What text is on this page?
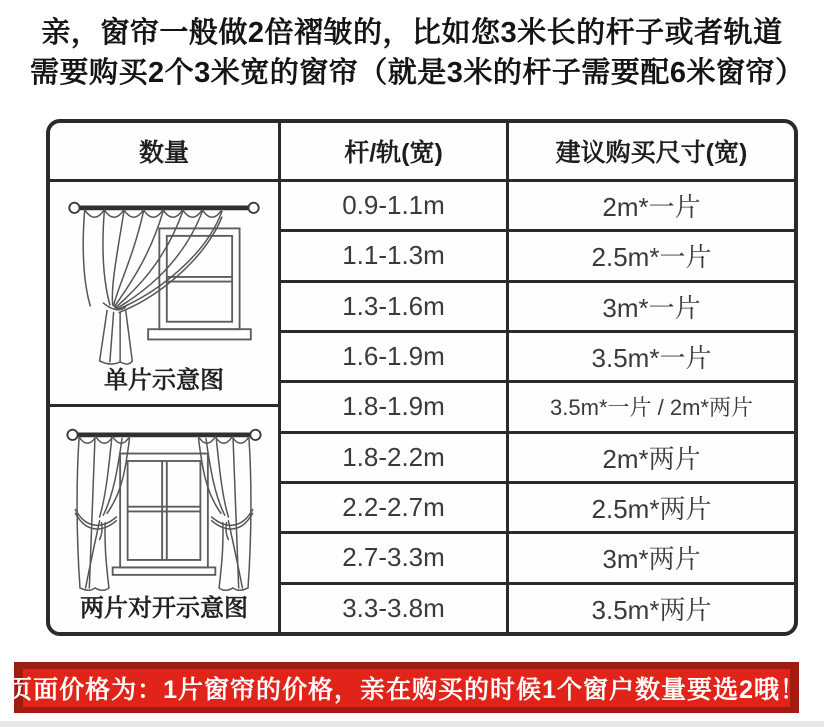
亲，窗帘一般做2倍褶皱的，比如您3米长的杆子或者轨道
需要购买2个3米宽的窗帘（就是3米的杆子需要配6米窗帘）
数量	杆/轨(宽)	建议购买尺寸(宽)
单片示意图
两片对开示意图
0.9-1.1m	2m*一片
1.1-1.3m	2.5m*一片
1.3-1.6m	3m*一片
1.6-1.9m	3.5m*一片
1.8-1.9m	3.5m*一片 / 2m*两片
1.8-2.2m	2m*两片
2.2-2.7m	2.5m*两片
2.7-3.3m	3m*两片
3.3-3.8m	3.5m*两片
页面价格为：1片窗帘的价格，亲在购买的时候1个窗户数量要选2哦！
